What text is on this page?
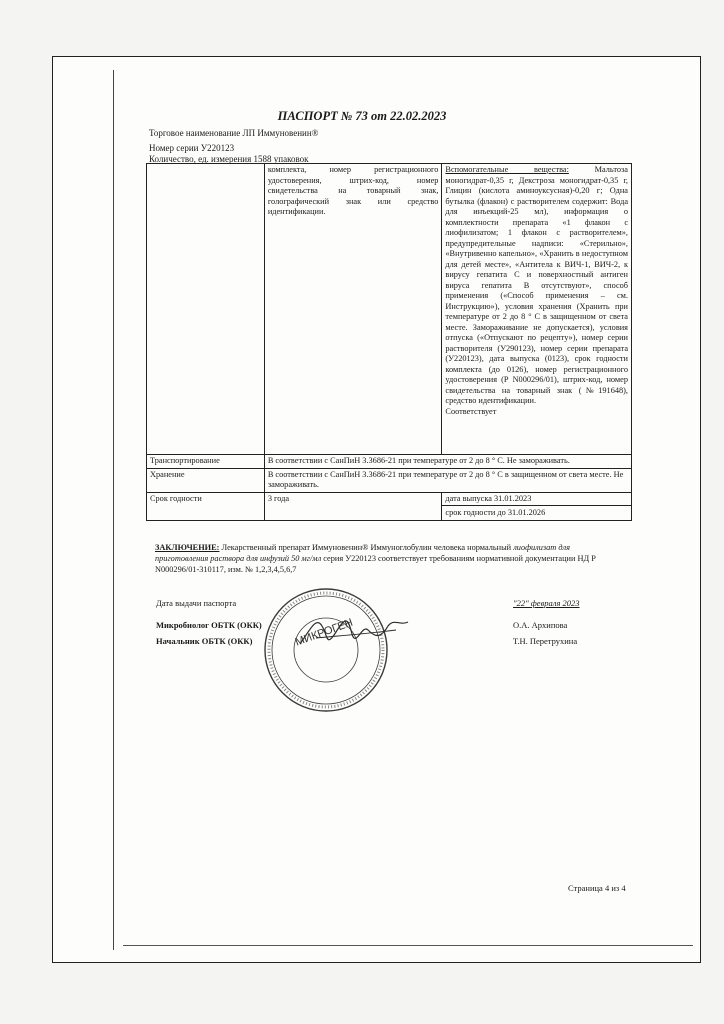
ПАСПОРТ № 73 от 22.02.2023
Торговое наименование ЛП Иммуновенин®
Номер серии У220123
Количество, ед. измерения 1588 упаковок

	комплекта, номер регистрационного удостоверения, штрих-код, номер свидетельства на товарный знак, голографический знак или средство идентификации.	Вспомогательные вещества: Мальтоза моногидрат-0,35 г, Декстроза моногидрат-0,35 г, Глицин (кислота аминоуксусная)-0,20 г; Одна бутылка (флакон) с растворителем содержит: Вода для инъекций-25 мл), информация о комплектности препарата «1 флакон с лиофилизатом; 1 флакон с растворителем», предупредительные надписи: «Стерильно», «Внутривенно капельно», «Хранить в недоступном для детей месте», «Антитела к ВИЧ-1, ВИЧ-2, к вирусу гепатита С и поверхностный антиген вируса гепатита В отсутствуют», способ применения («Способ применения – см. Инструкцию»), условия хранения (Хранить при температуре от 2 до 8 ° С в защищенном от света месте. Замораживание не допускается), условия отпуска («Отпускают по рецепту»), номер серии растворителя (У290123), номер серии препарата (У220123), дата выпуска (0123), срок годности комплекта (до 0126), номер регистрационного удостоверения (Р N000296/01), штрих-код, номер свидетельства на товарный знак (№191648), средство идентификации.
Соответствует

Транспортирование	В соответствии с СанПиН 3.3686-21 при температуре от 2 до 8 ° С. Не замораживать.	
Хранение	В соответствии с СанПиН 3.3686-21 при температуре от 2 до 8 ° С в защищенном от света месте. Не замораживать.	
Срок годности	3 года	дата выпуска 31.01.2023
срок годности до 31.01.2026
ЗАКЛЮЧЕНИЕ: Лекарственный препарат Иммуновенин® Иммуноглобулин человека нормальный лиофилизат для приготовления раствора для инфузий 50 мг/мл серия У220123 соответствует требованиям нормативной документации НД Р N000296/01-310117, изм. № 1,2,3,4,5,6,7
Дата выдачи паспорта	"22" февраля 2023
Микробиолог ОБТК (ОКК)	О.А. Архипова
Начальник ОБТК (ОКК)	Т.Н. Перетрухина
МИКРОГЕН
Страница 4 из 4
